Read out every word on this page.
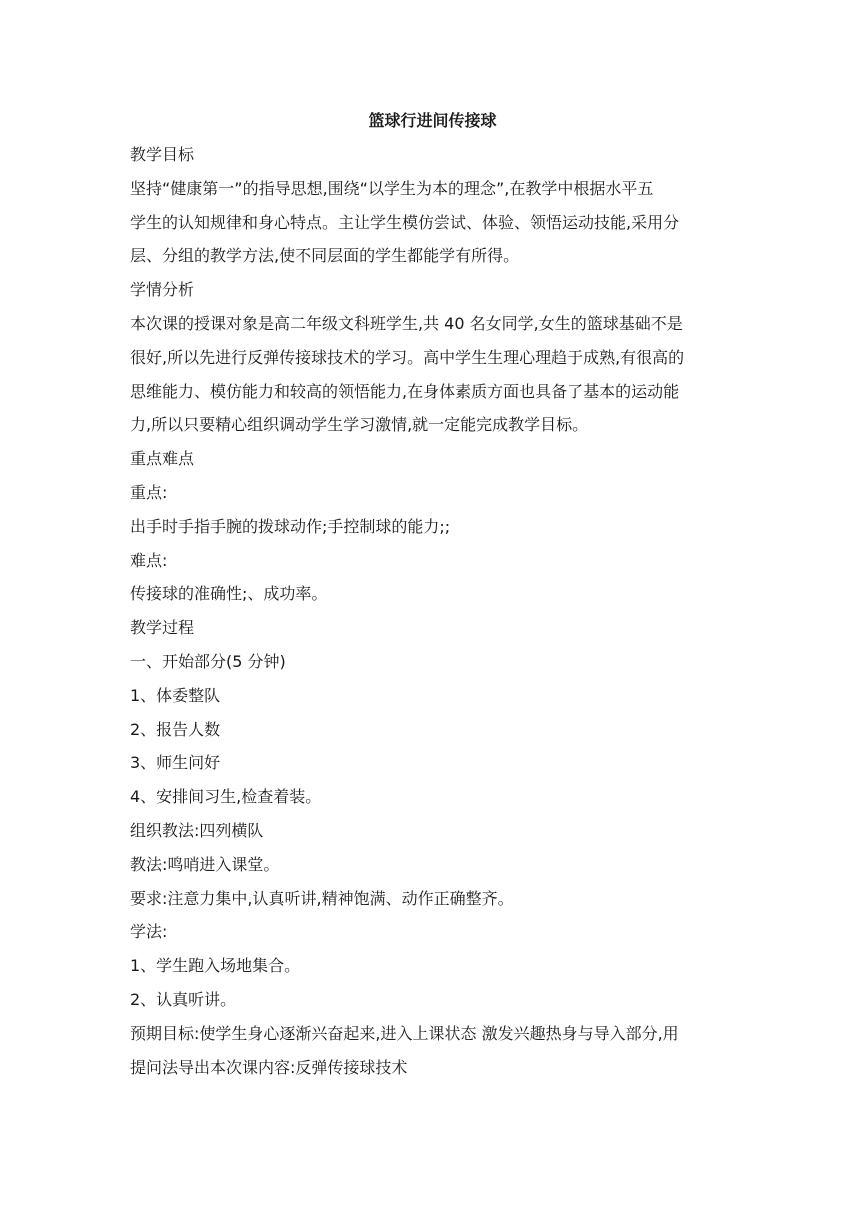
篮球行进间传接球
教学目标
坚持“健康第一”的指导思想,围绕“以学生为本的理念”,在教学中根据水平五
学生的认知规律和身心特点。主让学生模仿尝试、体验、领悟运动技能,采用分
层、分组的教学方法,使不同层面的学生都能学有所得。
学情分析
本次课的授课对象是高二年级文科班学生,共 40 名女同学,女生的篮球基础不是
很好,所以先进行反弹传接球技术的学习。高中学生生理心理趋于成熟,有很高的
思维能力、模仿能力和较高的领悟能力,在身体素质方面也具备了基本的运动能
力,所以只要精心组织调动学生学习激情,就一定能完成教学目标。
重点难点
重点:
出手时手指手腕的拨球动作;手控制球的能力;;
难点:
传接球的准确性;、成功率。
教学过程
一、开始部分(5 分钟)
1、体委整队
2、报告人数
3、师生问好
4、安排间习生,检查着装。
组织教法:四列横队
教法:鸣哨进入课堂。
要求:注意力集中,认真听讲,精神饱满、动作正确整齐。
学法:
1、学生跑入场地集合。
2、认真听讲。
预期目标:使学生身心逐渐兴奋起来,进入上课状态 激发兴趣热身与导入部分,用
提问法导出本次课内容:反弹传接球技术
